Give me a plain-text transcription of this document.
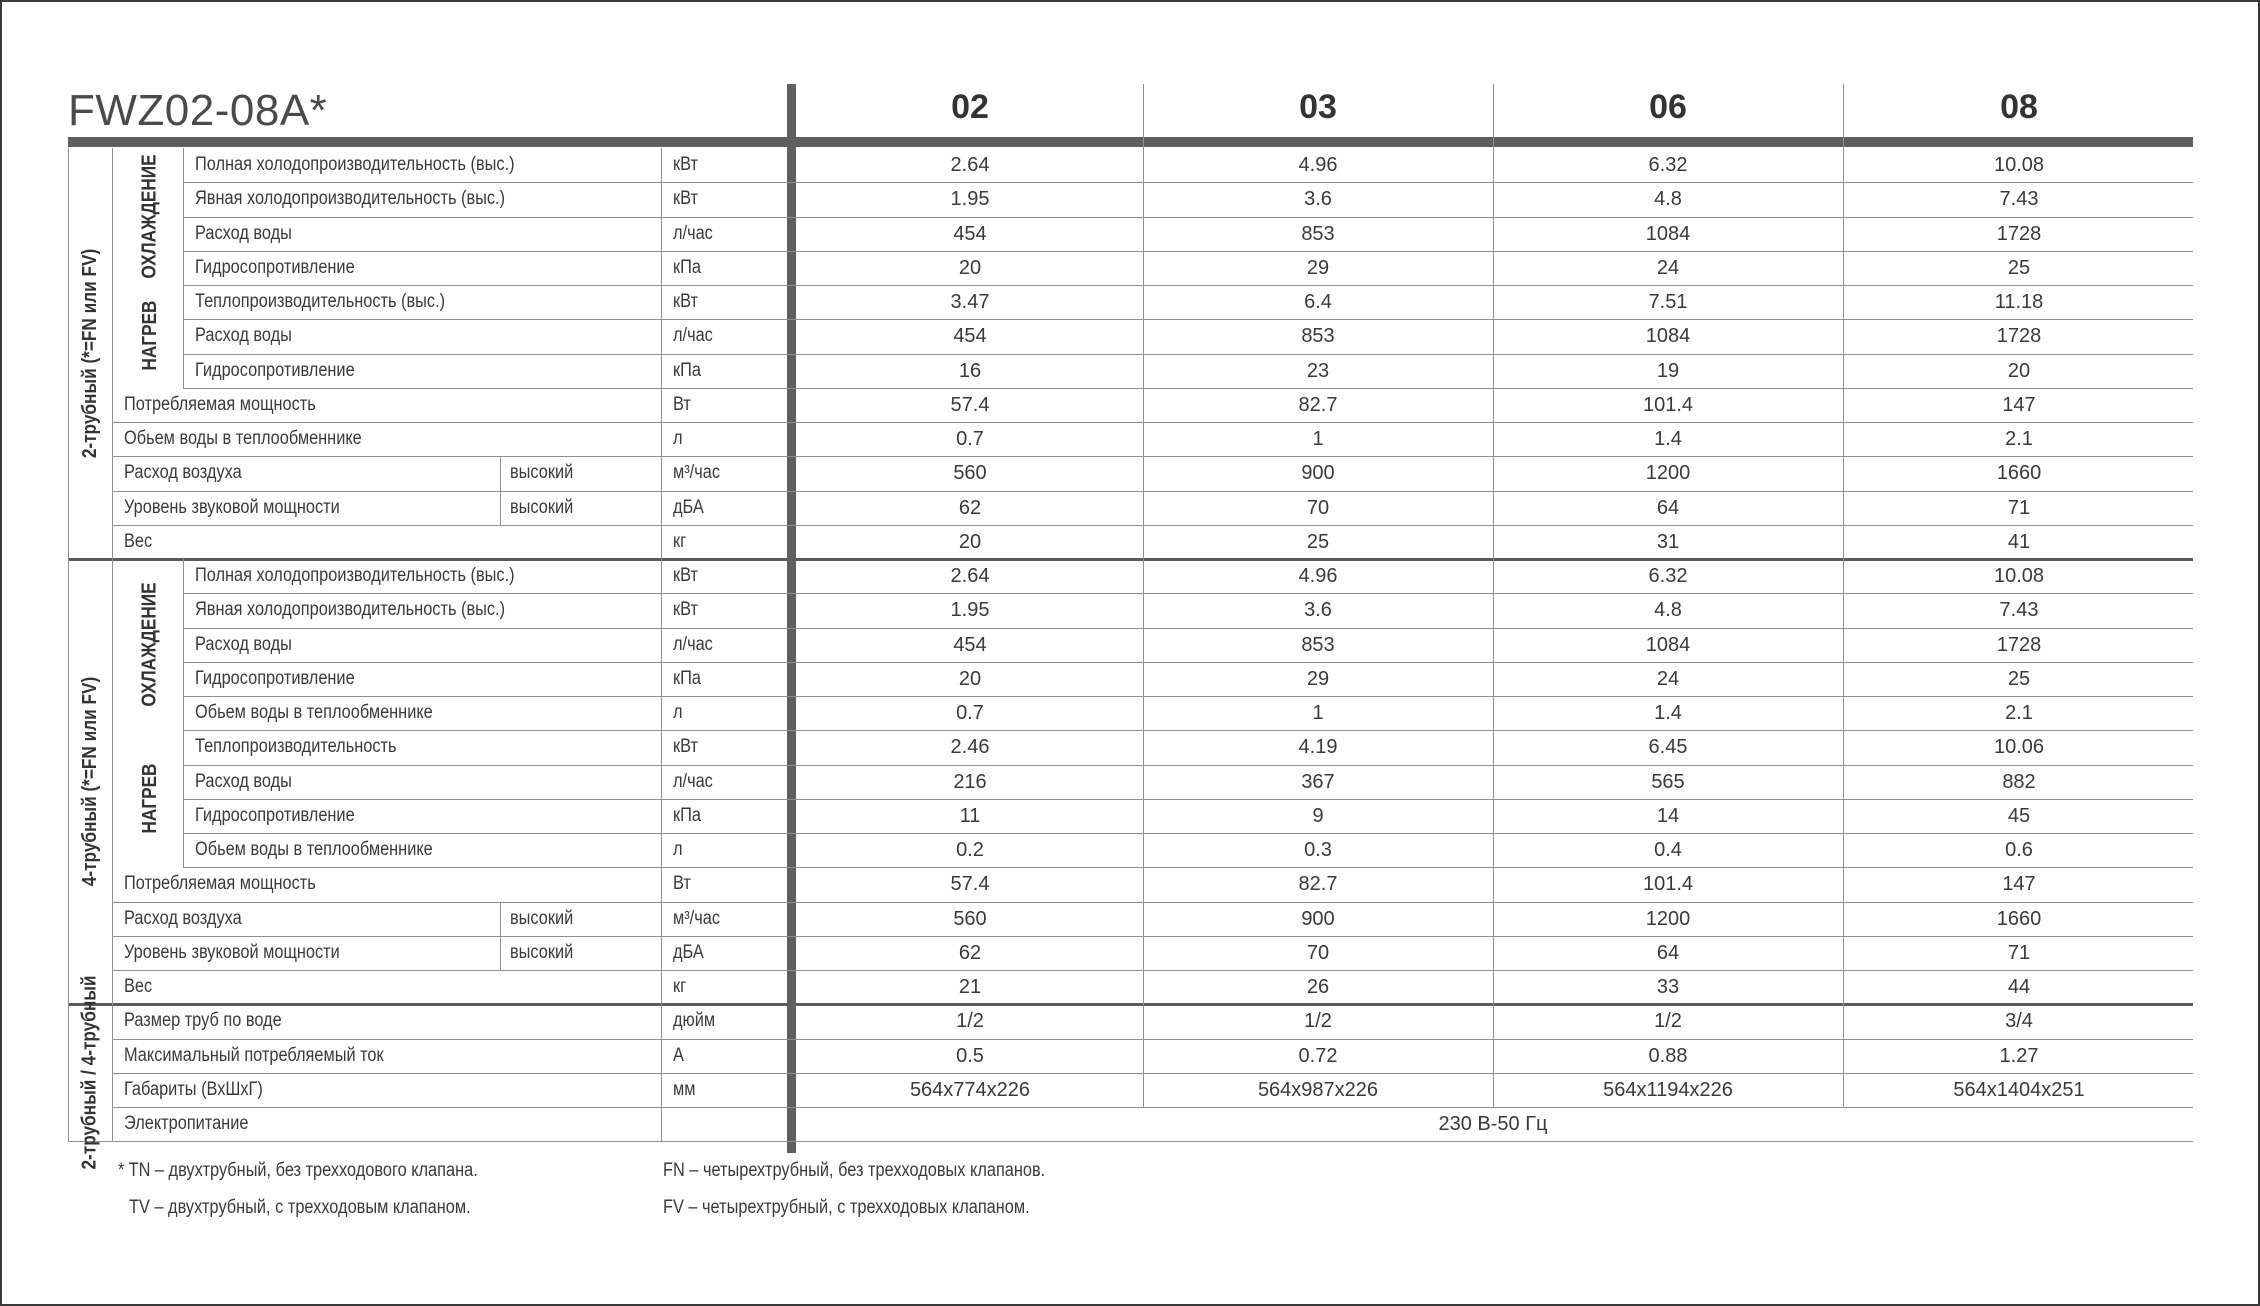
FWZ02-08A*	02	03	06	08
Полная холодопроизводительность (выс.)	кВт	2.64	4.96	6.32	10.08
Явная холодопроизводительность (выс.)	кВт	1.95	3.6	4.8	7.43
Расход воды	л/час	454	853	1084	1728
Гидросопротивление	кПа	20	29	24	25
Теплопроизводительность (выс.)	кВт	3.47	6.4	7.51	11.18
Расход воды	л/час	454	853	1084	1728
Гидросопротивление	кПа	16	23	19	20
Потребляемая мощность	Вт	57.4	82.7	101.4	147
Обьем воды в теплообменнике	л	0.7	1	1.4	2.1
Расход воздуха	высокий	м³/час	560	900	1200	1660
Уровень звуковой мощности	высокий	дБА	62	70	64	71
Вес	кг	20	25	31	41
Полная холодопроизводительность (выс.)	кВт	2.64	4.96	6.32	10.08
Явная холодопроизводительность (выс.)	кВт	1.95	3.6	4.8	7.43
Расход воды	л/час	454	853	1084	1728
Гидросопротивление	кПа	20	29	24	25
Обьем воды в теплообменнике	л	0.7	1	1.4	2.1
Теплопроизводительность	кВт	2.46	4.19	6.45	10.06
Расход воды	л/час	216	367	565	882
Гидросопротивление	кПа	11	9	14	45
Обьем воды в теплообменнике	л	0.2	0.3	0.4	0.6
Потребляемая мощность	Вт	57.4	82.7	101.4	147
Расход воздуха	высокий	м³/час	560	900	1200	1660
Уровень звуковой мощности	высокий	дБА	62	70	64	71
Вес	кг	21	26	33	44
Размер труб по воде	дюйм	1/2	1/2	1/2	3/4
Максимальный потребляемый ток	А	0.5	0.72	0.88	1.27
Габариты (ВхШхГ)	мм	564x774x226	564x987x226	564x1194x226	564x1404x251
Электропитание	230 В-50 Гц
2-трубный (*=FN или FV)
4-трубный (*=FN или FV)
2-трубный / 4-трубный
ОХЛАЖДЕНИЕ
НАГРЕВ
ОХЛАЖДЕНИЕ
НАГРЕВ
* TN – двухтрубный, без трехходового клапана.
TV – двухтрубный, с трехходовым клапаном.
FN – четырехтрубный, без трехходовых клапанов.
FV – четырехтрубный, с трехходовых клапаном.
